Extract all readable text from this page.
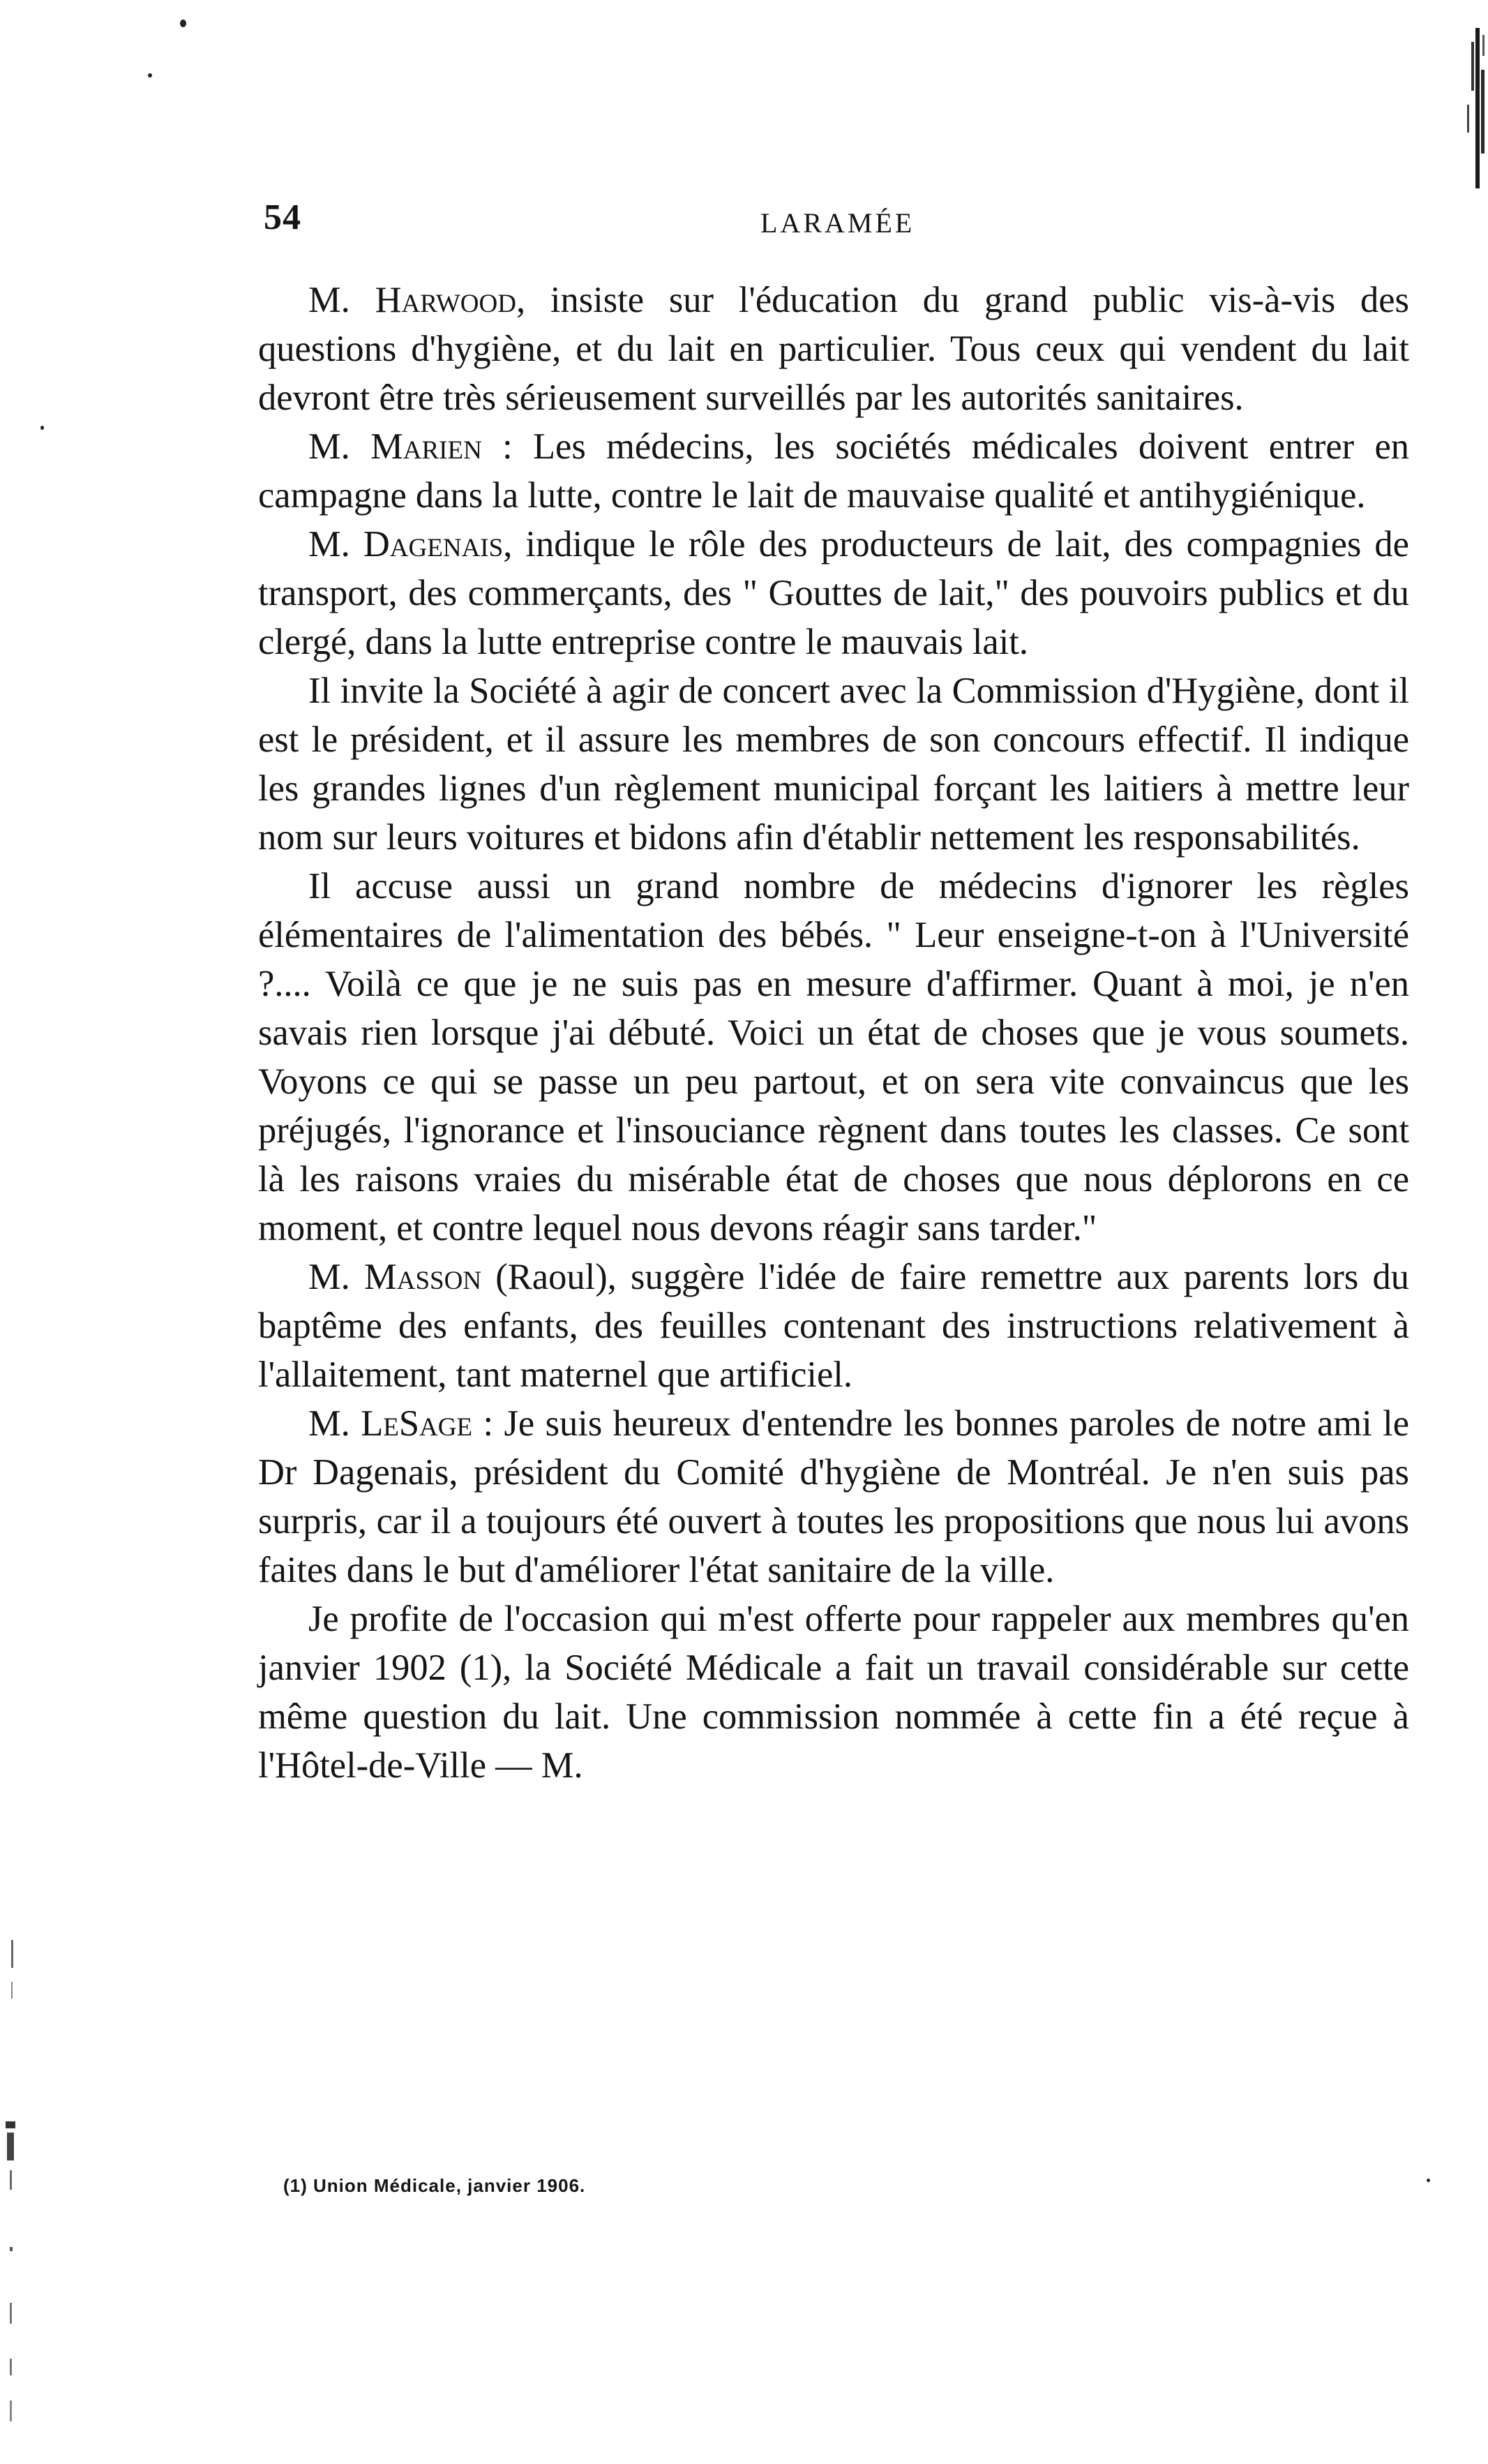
54	LARAMÉE

M. Harwood, insiste sur l'éducation du grand public vis-à-vis des questions d'hygiène, et du lait en particulier. Tous ceux qui vendent du lait devront être très sérieusement surveillés par les autorités sanitaires.

M. Marien : Les médecins, les sociétés médicales doivent entrer en campagne dans la lutte, contre le lait de mauvaise qualité et antihygiénique.

M. Dagenais, indique le rôle des producteurs de lait, des compagnies de transport, des commerçants, des " Gouttes de lait," des pouvoirs publics et du clergé, dans la lutte entreprise contre le mauvais lait.

Il invite la Société à agir de concert avec la Commission d'Hygiène, dont il est le président, et il assure les membres de son concours effectif. Il indique les grandes lignes d'un règlement municipal forçant les laitiers à mettre leur nom sur leurs voitures et bidons afin d'établir nettement les responsabilités.

Il accuse aussi un grand nombre de médecins d'ignorer les règles élémentaires de l'alimentation des bébés. " Leur enseigne-t-on à l'Université ?.... Voilà ce que je ne suis pas en mesure d'affirmer. Quant à moi, je n'en savais rien lorsque j'ai débuté. Voici un état de choses que je vous soumets. Voyons ce qui se passe un peu partout, et on sera vite convaincus que les préjugés, l'ignorance et l'insouciance règnent dans toutes les classes. Ce sont là les raisons vraies du misérable état de choses que nous déplorons en ce moment, et contre lequel nous devons réagir sans tarder."

M. Masson (Raoul), suggère l'idée de faire remettre aux parents lors du baptême des enfants, des feuilles contenant des instructions relativement à l'allaitement, tant maternel que artificiel.

M. LeSage : Je suis heureux d'entendre les bonnes paroles de notre ami le Dr Dagenais, président du Comité d'hygiène de Montréal. Je n'en suis pas surpris, car il a toujours été ouvert à toutes les propositions que nous lui avons faites dans le but d'améliorer l'état sanitaire de la ville.

Je profite de l'occasion qui m'est offerte pour rappeler aux membres qu'en janvier 1902 (1), la Société Médicale a fait un travail considérable sur cette même question du lait. Une commission nommée à cette fin a été reçue à l'Hôtel-de-Ville — M.

(1) Union Médicale, janvier 1906.
